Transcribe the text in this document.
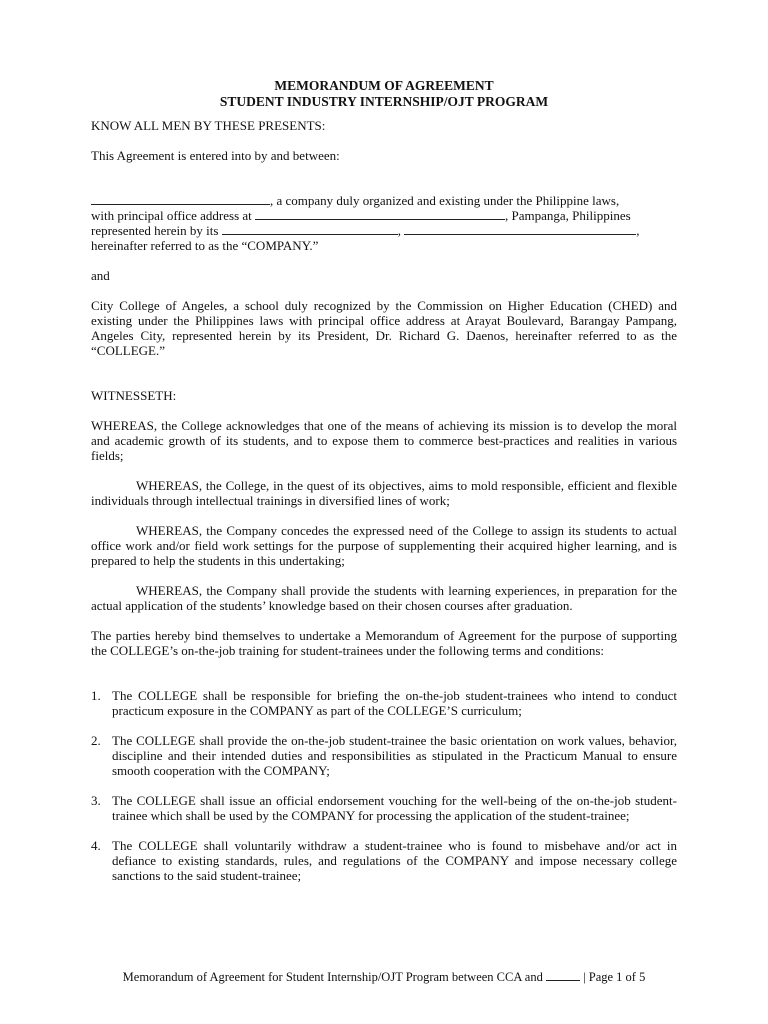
MEMORANDUM OF AGREEMENT
STUDENT INDUSTRY INTERNSHIP/OJT PROGRAM

KNOW ALL MEN BY THESE PRESENTS:

This Agreement is entered into by and between:

, a company duly organized and existing under the Philippine laws,
with principal office address at	, Pampanga, Philippines
represented herein by its	,	,
hereinafter referred to as the “COMPANY.”

and

City College of Angeles, a school duly recognized by the Commission on Higher Education (CHED) and existing under the Philippines laws with principal office address at Arayat Boulevard, Barangay Pampang, Angeles City, represented herein by its President, Dr. Richard G. Daenos, hereinafter referred to as the “COLLEGE.”

WITNESSETH:

WHEREAS, the College acknowledges that one of the means of achieving its mission is to develop the moral and academic growth of its students, and to expose them to commerce best-practices and realities in various fields;

WHEREAS, the College, in the quest of its objectives, aims to mold responsible, efficient and flexible individuals through intellectual trainings in diversified lines of work;

WHEREAS, the Company concedes the expressed need of the College to assign its students to actual office work and/or field work settings for the purpose of supplementing their acquired higher learning, and is prepared to help the students in this undertaking;

WHEREAS, the Company shall provide the students with learning experiences, in preparation for the actual application of the students’ knowledge based on their chosen courses after graduation.

The parties hereby bind themselves to undertake a Memorandum of Agreement for the purpose of supporting the COLLEGE’s on-the-job training for student-trainees under the following terms and conditions:

1. The COLLEGE shall be responsible for briefing the on-the-job student-trainees who intend to conduct practicum exposure in the COMPANY as part of the COLLEGE’S curriculum;
2. The COLLEGE shall provide the on-the-job student-trainee the basic orientation on work values, behavior, discipline and their intended duties and responsibilities as stipulated in the Practicum Manual to ensure smooth cooperation with the COMPANY;
3. The COLLEGE shall issue an official endorsement vouching for the well-being of the on-the-job student-trainee which shall be used by the COMPANY for processing the application of the student-trainee;
4. The COLLEGE shall voluntarily withdraw a student-trainee who is found to misbehave and/or act in defiance to existing standards, rules, and regulations of the COMPANY and impose necessary college sanctions to the said student-trainee;
Memorandum of Agreement for Student Internship/OJT Program between CCA and	| Page 1 of 5
